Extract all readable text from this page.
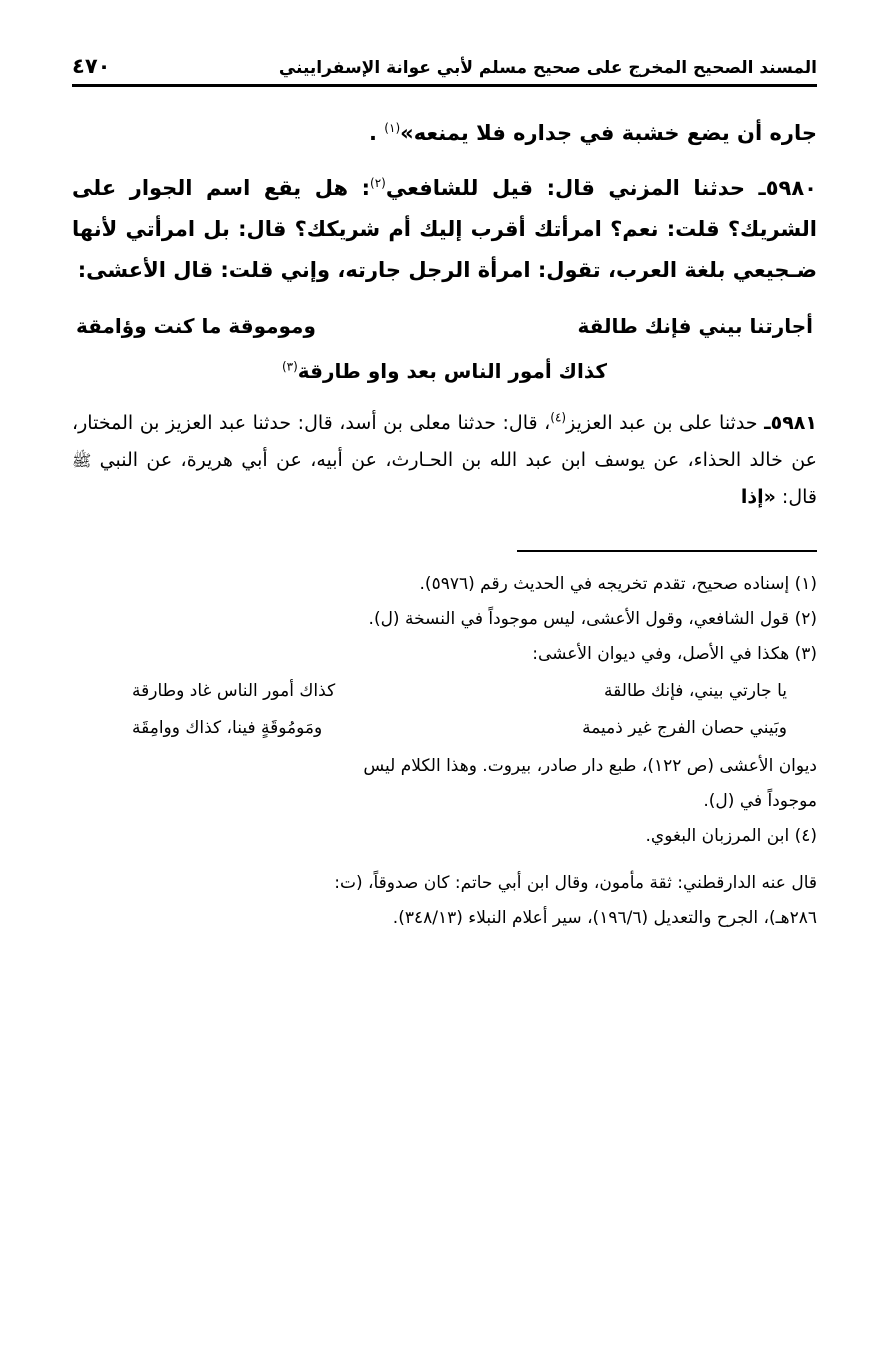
المسند الصحيح المخرج على صحيح مسلم لأبي عوانة الإسفراييني
٤٧٠

جاره أن يضع خشبة في جداره فلا يمنعه»$^{(١)}$ .

٥٩٨٠ـ حدثنا المزني قال: قيل للشافعي$^{(٢)}$: هل يقع اسم الجوار على الشريك؟ قلت: نعم؟ امرأتك أقرب إليك أم شريكك؟ قال: بل امرأتي لأنها ضـجيعي بلغة العرب، تقول: امرأة الرجل جارته، وإني قلت: قال الأعشى:

أجارتنا بيني فإنك طالقة
وموموقة ما كنت وؤامقة
كذاك أمور الناس بعد واو طارقة$^{(٣)}$

٥٩٨١ـ حدثنا على بن عبد العزيز$^{(٤)}$، قال: حدثنا معلى بن أسد، قال: حدثنا عبد العزيز بن المختار، عن خالد الحذاء، عن يوسف ابن عبد الله بن الحـارث، عن أبيه، عن أبي هريرة، عن النبي ﷺ قال: «إذا

(١) إسناده صحيح، تقدم تخريجه في الحديث رقم (٥٩٧٦).

(٢) قول الشافعي، وقول الأعشى، ليس موجوداً في النسخة (ل).

(٣) هكذا في الأصل، وفي ديوان الأعشى:

يا جارتي بيني، فإنك طالقة
كذاك أمور الناس غاد وطارقة
وبَيني حصان الفرج غير ذميمة
ومَومُوقَةٍ فينا، كذاك ووامِقَة

ديوان الأعشى (ص ١٢٢)، طبع دار صادر، بيروت. وهذا الكلام ليس

موجوداً في (ل).

(٤) ابن المرزبان البغوي.

قال عنه الدارقطني: ثقة مأمون، وقال ابن أبي حاتم: كان صدوقاً، (ت:

٢٨٦هـ)، الجرح والتعديل (١٩٦/٦)، سير أعلام النبلاء (٣٤٨/١٣).
